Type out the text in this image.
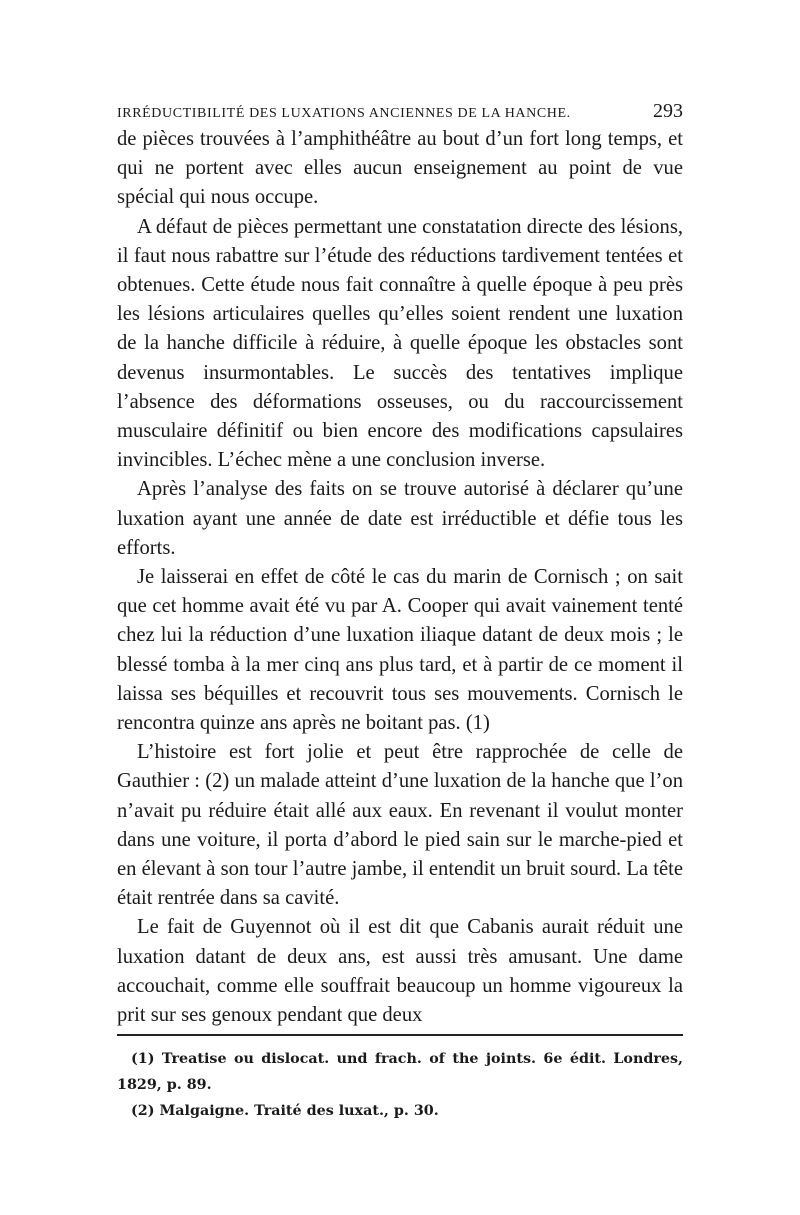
IRRÉDUCTIBILITÉ DES LUXATIONS ANCIENNES DE LA HANCHE.	293

de pièces trouvées à l’amphithéâtre au bout d’un fort long temps, et qui ne portent avec elles aucun enseignement au point de vue spécial qui nous occupe.

A défaut de pièces permettant une constatation directe des lésions, il faut nous rabattre sur l’étude des réductions tardivement tentées et obtenues. Cette étude nous fait connaître à quelle époque à peu près les lésions articulaires quelles qu’elles soient rendent une luxation de la hanche difficile à réduire, à quelle époque les obstacles sont devenus insurmontables. Le succès des tentatives implique l’absence des déformations osseuses, ou du raccourcissement musculaire définitif ou bien encore des modifications capsulaires invincibles. L’échec mène a une conclusion inverse.

Après l’analyse des faits on se trouve autorisé à déclarer qu’une luxation ayant une année de date est irréductible et défie tous les efforts.

Je laisserai en effet de côté le cas du marin de Cornisch ; on sait que cet homme avait été vu par A. Cooper qui avait vainement tenté chez lui la réduction d’une luxation iliaque datant de deux mois ; le blessé tomba à la mer cinq ans plus tard, et à partir de ce moment il laissa ses béquilles et recouvrit tous ses mouvements. Cornisch le rencontra quinze ans après ne boitant pas. (1)

L’histoire est fort jolie et peut être rapprochée de celle de Gauthier : (2) un malade atteint d’une luxation de la hanche que l’on n’avait pu réduire était allé aux eaux. En revenant il voulut monter dans une voiture, il porta d’abord le pied sain sur le marche-pied et en élevant à son tour l’autre jambe, il entendit un bruit sourd. La tête était rentrée dans sa cavité.

Le fait de Guyennot où il est dit que Cabanis aurait réduit une luxation datant de deux ans, est aussi très amusant. Une dame accouchait, comme elle souffrait beaucoup un homme vigoureux la prit sur ses genoux pendant que deux

(1) Treatise ou dislocat. und frach. of the joints. 6e édit. Londres, 1829, p. 89.

(2) Malgaigne. Traité des luxat., p. 30.
